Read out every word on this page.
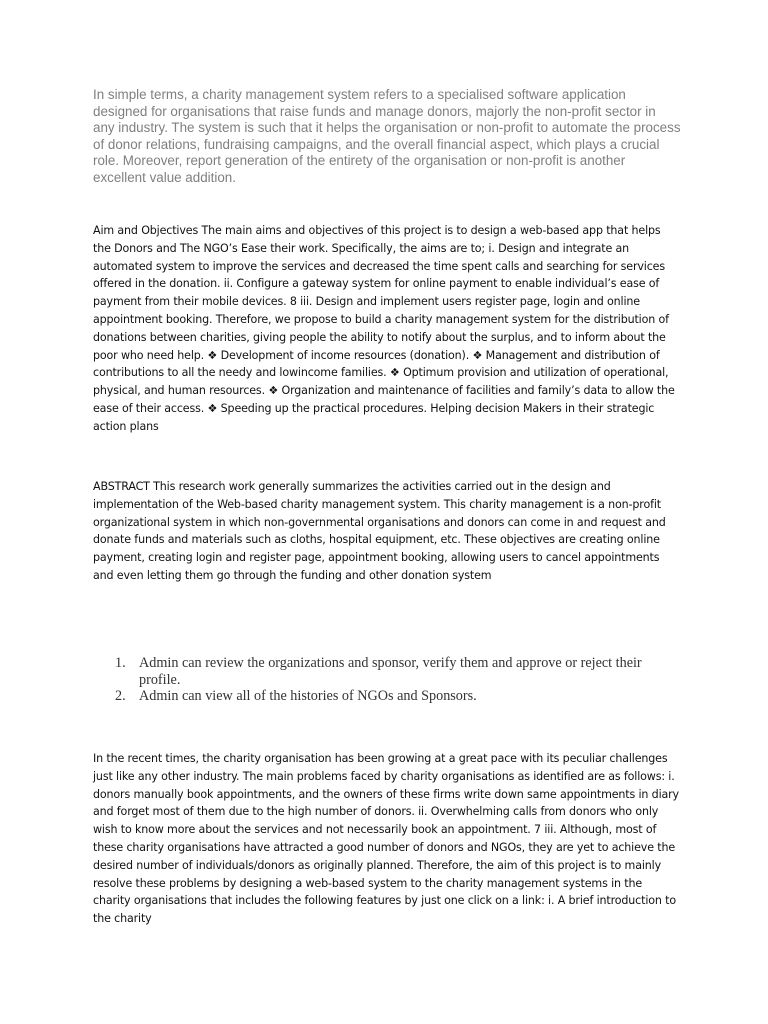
In simple terms, a charity management system refers to a specialised software application designed for organisations that raise funds and manage donors, majorly the non-profit sector in any industry. The system is such that it helps the organisation or non-profit to automate the process of donor relations, fundraising campaigns, and the overall financial aspect, which plays a crucial role. Moreover, report generation of the entirety of the organisation or non-profit is another excellent value addition.

Aim and Objectives The main aims and objectives of this project is to design a web-based app that helps the Donors and The NGO’s Ease their work. Specifically, the aims are to; i. Design and integrate an automated system to improve the services and decreased the time spent calls and searching for services offered in the donation. ii. Configure a gateway system for online payment to enable individual’s ease of payment from their mobile devices. 8 iii. Design and implement users register page, login and online appointment booking. Therefore, we propose to build a charity management system for the distribution of donations between charities, giving people the ability to notify about the surplus, and to inform about the poor who need help. ❖ Development of income resources (donation). ❖ Management and distribution of contributions to all the needy and lowincome families. ❖ Optimum provision and utilization of operational, physical, and human resources. ❖ Organization and maintenance of facilities and family’s data to allow the ease of their access. ❖ Speeding up the practical procedures. Helping decision Makers in their strategic action plans

ABSTRACT This research work generally summarizes the activities carried out in the design and implementation of the Web-based charity management system. This charity management is a non-profit organizational system in which non-governmental organisations and donors can come in and request and donate funds and materials such as cloths, hospital equipment, etc. These objectives are creating online payment, creating login and register page, appointment booking, allowing users to cancel appointments and even letting them go through the funding and other donation system

1. Admin can review the organizations and sponsor, verify them and approve or reject their profile.
2. Admin can view all of the histories of NGOs and Sponsors.

In the recent times, the charity organisation has been growing at a great pace with its peculiar challenges just like any other industry. The main problems faced by charity organisations as identified are as follows: i. donors manually book appointments, and the owners of these firms write down same appointments in diary and forget most of them due to the high number of donors. ii. Overwhelming calls from donors who only wish to know more about the services and not necessarily book an appointment. 7 iii. Although, most of these charity organisations have attracted a good number of donors and NGOs, they are yet to achieve the desired number of individuals/donors as originally planned. Therefore, the aim of this project is to mainly resolve these problems by designing a web-based system to the charity management systems in the charity organisations that includes the following features by just one click on a link: i. A brief introduction to the charity
